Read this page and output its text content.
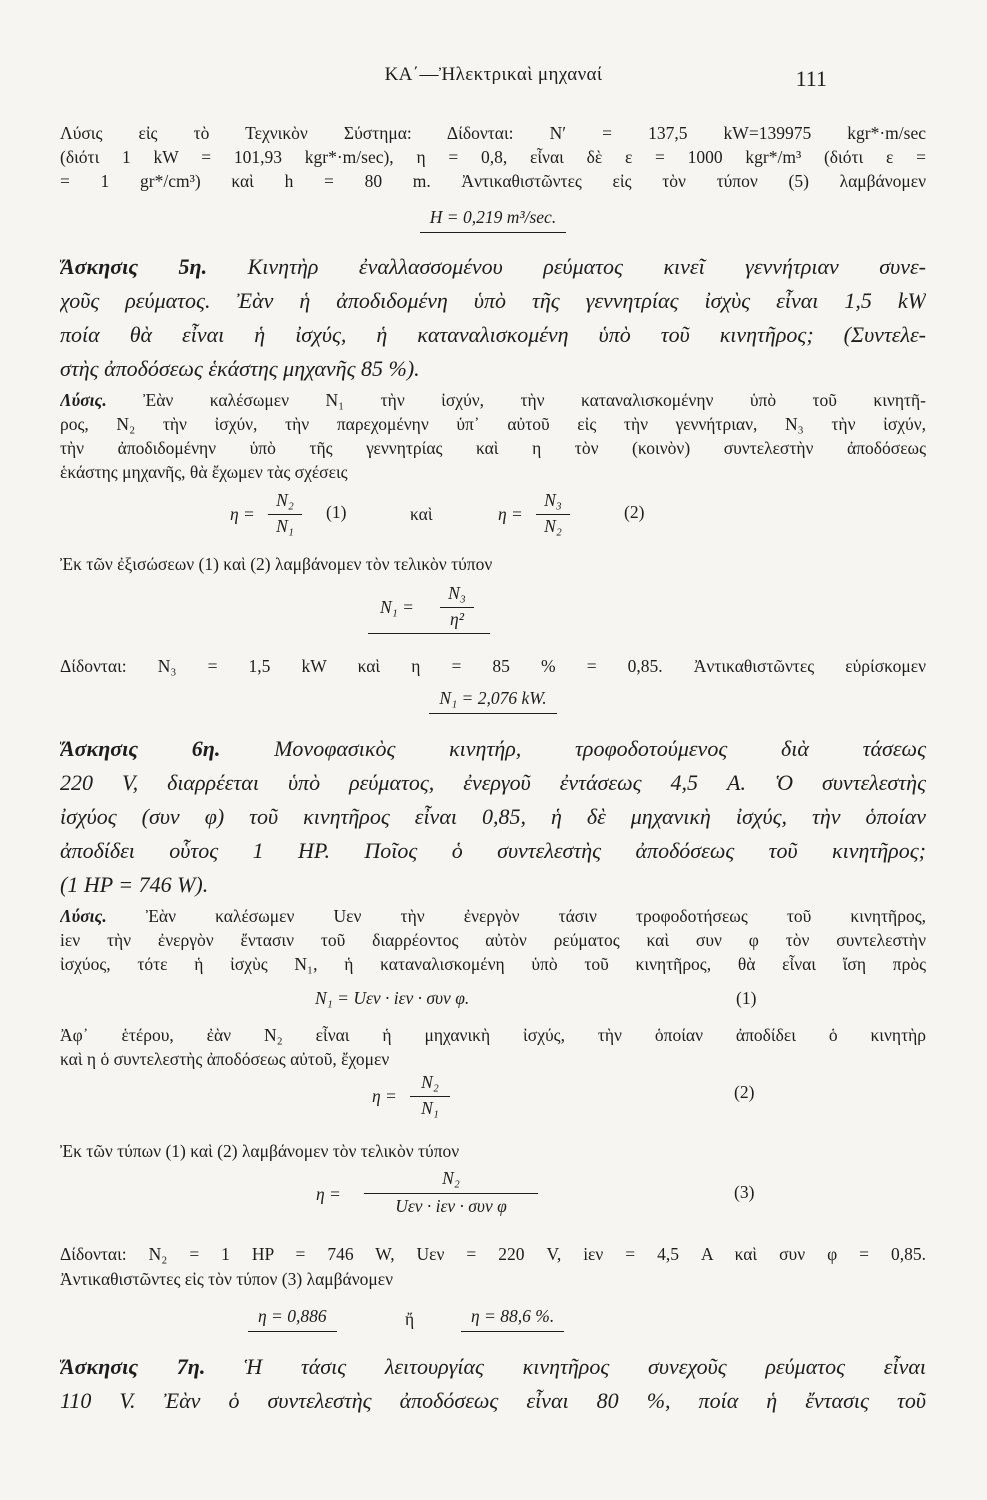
ΚΑ΄—Ἠλεκτρικαὶ μηχαναί	111
Λύσις εἰς τὸ Τεχνικὸν Σύστημα: Δίδονται: N′ = 137,5 kW=139975 kgr*·m/sec
(διότι 1 kW = 101,93 kgr*·m/sec), η = 0,8, εἶναι δὲ ε = 1000 kgr*/m³ (διότι ε =
= 1 gr*/cm³) καὶ h = 80 m. Ἀντικαθιστῶντες εἰς τὸν τύπον (5) λαμβάνομεν
H = 0,219 m³/sec.
Ἄσκησις 5η. Κινητὴρ ἐναλλασσομένου ρεύματος κινεῖ γεννήτριαν συνε-
χοῦς ρεύματος. Ἐὰν ἡ ἀποδιδομένη ὑπὸ τῆς γεννητρίας ἰσχὺς εἶναι 1,5 kW
ποία θὰ εἶναι ἡ ἰσχύς, ἡ καταναλισκομένη ὑπὸ τοῦ κινητῆρος; (Συντελε-
στὴς ἀποδόσεως ἑκάστης μηχανῆς 85 %).
Λύσις. Ἐὰν καλέσωμεν N₁ τὴν ἰσχύν, τὴν καταναλισκομένην ὑπὸ τοῦ κινητῆ-
ρος, N₂ τὴν ἰσχύν, τὴν παρεχομένην ὑπ᾽ αὐτοῦ εἰς τὴν γεννήτριαν, N₃ τὴν ἰσχύν,
τὴν ἀποδιδομένην ὑπὸ τῆς γεννητρίας καὶ η τὸν (κοινὸν) συντελεστὴν ἀποδόσεως
ἑκάστης μηχανῆς, θὰ ἔχωμεν τὰς σχέσεις
η =
N₂
N₁
(1)	καὶ	η =
N₃
N₂
(2)
Ἐκ τῶν ἐξισώσεων (1) καὶ (2) λαμβάνομεν τὸν τελικὸν τύπον
N₁ =
N₃
η²
Δίδονται: N₃ = 1,5 kW καὶ η = 85 % = 0,85. Ἀντικαθιστῶντες εὑρίσκομεν
N₁ = 2,076 kW.
Ἄσκησις 6η. Μονοφασικὸς κινητήρ, τροφοδοτούμενος διὰ τάσεως
220 V, διαρρέεται ὑπὸ ρεύματος, ἐνεργοῦ ἐντάσεως 4,5 A. Ὁ συντελεστὴς
ἰσχύος (συν φ) τοῦ κινητῆρος εἶναι 0,85, ἡ δὲ μηχανικὴ ἰσχύς, τὴν ὁποίαν
ἀποδίδει οὗτος 1 HP. Ποῖος ὁ συντελεστὴς ἀποδόσεως τοῦ κινητῆρος;
(1 HP = 746 W).
Λύσις. Ἐὰν καλέσωμεν Uεν τὴν ἐνεργὸν τάσιν τροφοδοτήσεως τοῦ κινητῆρος,
iεν τὴν ἐνεργὸν ἔντασιν τοῦ διαρρέοντος αὐτὸν ρεύματος καὶ συν φ τὸν συντελεστὴν
ἰσχύος, τότε ἡ ἰσχὺς N₁, ἡ καταναλισκομένη ὑπὸ τοῦ κινητῆρος, θὰ εἶναι ἴση πρὸς
N₁ = Uεν · iεν · συν φ.	(1)
Ἀφ᾽ ἑτέρου, ἐὰν N₂ εἶναι ἡ μηχανικὴ ἰσχύς, τὴν ὁποίαν ἀποδίδει ὁ κινητὴρ
καὶ η ὁ συντελεστὴς ἀποδόσεως αὐτοῦ, ἔχομεν
η =
N₂
N₁
(2)
Ἐκ τῶν τύπων (1) καὶ (2) λαμβάνομεν τὸν τελικὸν τύπον
η =
N₂
Uεν · iεν · συν φ
(3)
Δίδονται: N₂ = 1 HP = 746 W, Uεν = 220 V, iεν = 4,5 A καὶ συν φ = 0,85.
Ἀντικαθιστῶντες εἰς τὸν τύπον (3) λαμβάνομεν
η = 0,886	ἤ	η = 88,6 %.
Ἄσκησις 7η. Ἡ τάσις λειτουργίας κινητῆρος συνεχοῦς ρεύματος εἶναι
110 V. Ἐὰν ὁ συντελεστὴς ἀποδόσεως εἶναι 80 %, ποία ἡ ἔντασις τοῦ
